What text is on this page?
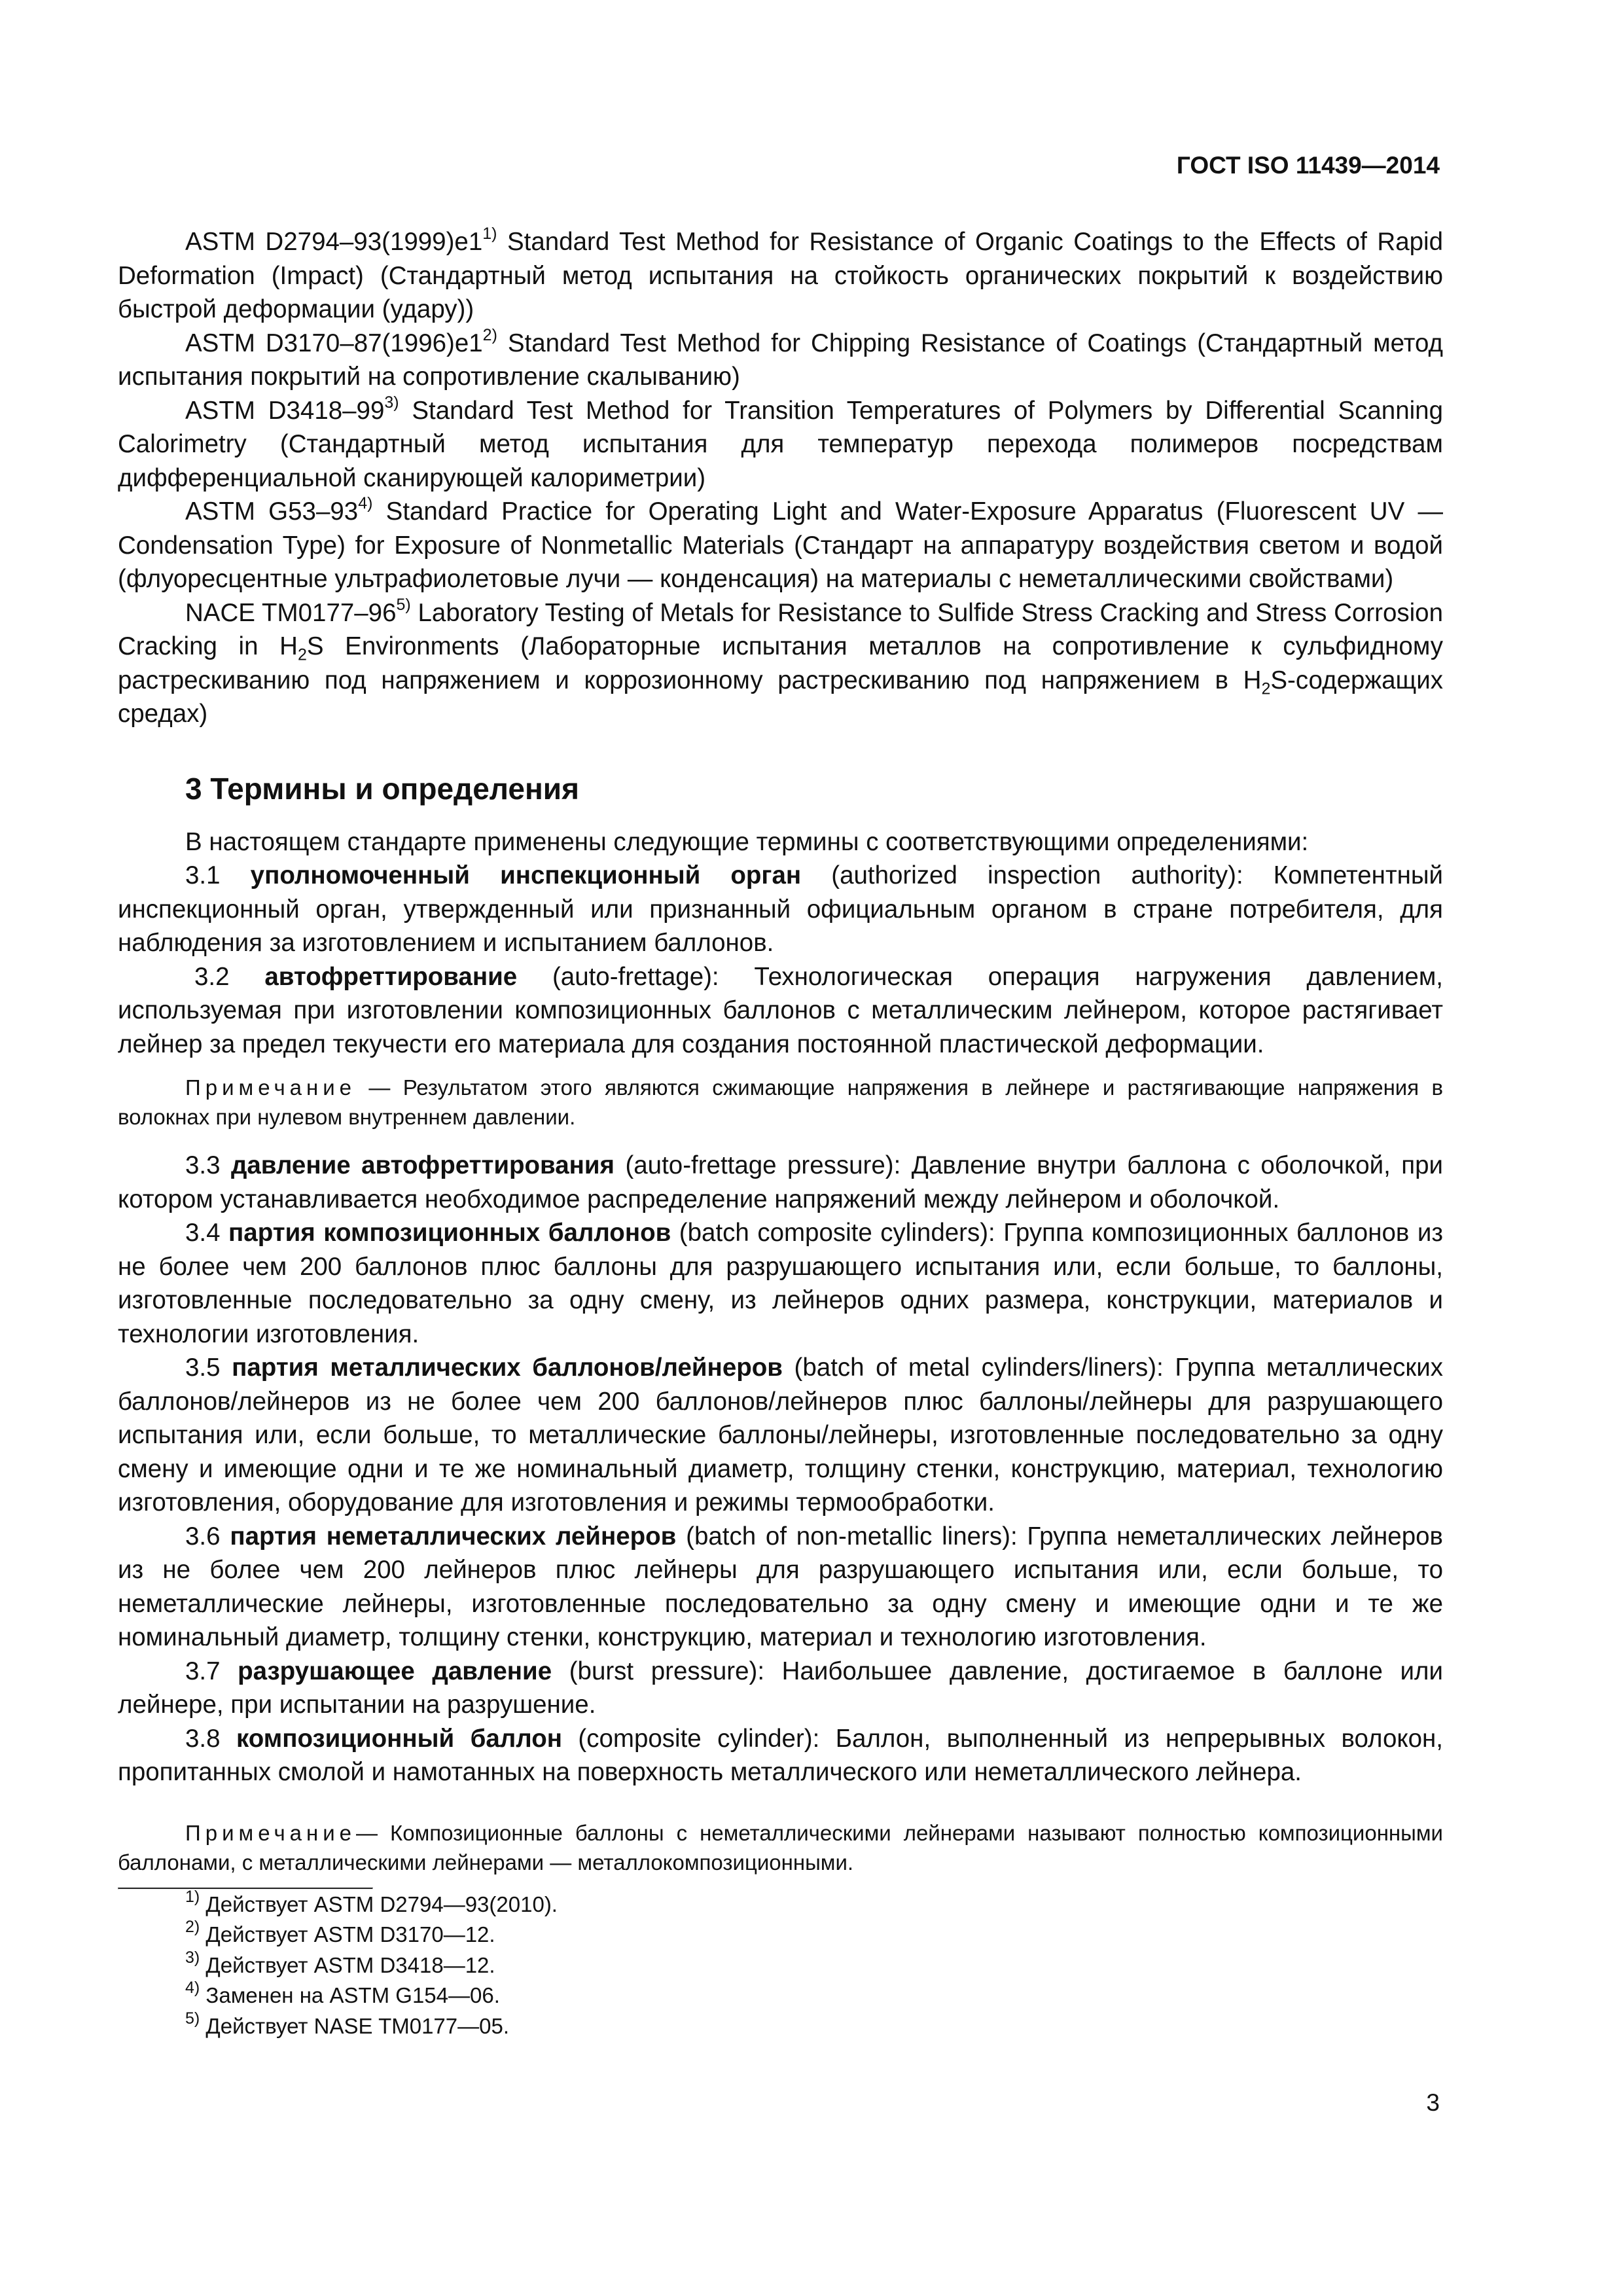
ГОСТ ISO 11439—2014

ASTM D2794–93(1999)e1$^{1)}$ Standard Test Method for Resistance of Organic Coatings to the Effects of Rapid Deformation (Impact) (Стандартный метод испытания на стойкость органических покрытий к воздействию быстрой деформации (удару))

ASTM D3170–87(1996)e1$^{2)}$ Standard Test Method for Chipping Resistance of Coatings (Стандартный метод испытания покрытий на сопротивление скалыванию)

ASTM D3418–99$^{3)}$ Standard Test Method for Transition Temperatures of Polymers by Differential Scanning Calorimetry (Стандартный метод испытания для температур перехода полимеров посредствам дифференциальной сканирующей калориметрии)

ASTM G53–93$^{4)}$ Standard Practice for Operating Light and Water-Exposure Apparatus (Fluorescent UV — Condensation Type) for Exposure of Nonmetallic Materials (Стандарт на аппаратуру воздействия светом и водой (флуоресцентные ультрафиолетовые лучи — конденсация) на материалы с неметаллическими свойствами)

NACE TM0177–96$^{5)}$ Laboratory Testing of Metals for Resistance to Sulfide Stress Cracking and Stress Corrosion Cracking in $H_2S$ Environments (Лабораторные испытания металлов на сопротивление к сульфидному растрескиванию под напряжением и коррозионному растрескиванию под напряжением в $H_2S$-содержащих средах)

3 Термины и определения

В настоящем стандарте применены следующие термины с соответствующими определениями:

3.1 уполномоченный инспекционный орган (authorized inspection authority): Компетентный инспекционный орган, утвержденный или признанный официальным органом в стране потребителя, для наблюдения за изготовлением и испытанием баллонов.

3.2 автофреттирование (auto-frettage): Технологическая операция нагружения давлением, используемая при изготовлении композиционных баллонов с металлическим лейнером, которое растягивает лейнер за предел текучести его материала для создания постоянной пластической деформации.

Примечание — Результатом этого являются сжимающие напряжения в лейнере и растягивающие напряжения в волокнах при нулевом внутреннем давлении.

3.3 давление автофреттирования (auto-frettage pressure): Давление внутри баллона с оболочкой, при котором устанавливается необходимое распределение напряжений между лейнером и оболочкой.

3.4 партия композиционных баллонов (batch composite cylinders): Группа композиционных баллонов из не более чем 200 баллонов плюс баллоны для разрушающего испытания или, если больше, то баллоны, изготовленные последовательно за одну смену, из лейнеров одних размера, конструкции, материалов и технологии изготовления.

3.5 партия металлических баллонов/лейнеров (batch of metal cylinders/liners): Группа металлических баллонов/лейнеров из не более чем 200 баллонов/лейнеров плюс баллоны/лейнеры для разрушающего испытания или, если больше, то металлические баллоны/лейнеры, изготовленные последовательно за одну смену и имеющие одни и те же номинальный диаметр, толщину стенки, конструкцию, материал, технологию изготовления, оборудование для изготовления и режимы термообработки.

3.6 партия неметаллических лейнеров (batch of non-metallic liners): Группа неметаллических лейнеров из не более чем 200 лейнеров плюс лейнеры для разрушающего испытания или, если больше, то неметаллические лейнеры, изготовленные последовательно за одну смену и имеющие одни и те же номинальный диаметр, толщину стенки, конструкцию, материал и технологию изготовления.

3.7 разрушающее давление (burst pressure): Наибольшее давление, достигаемое в баллоне или лейнере, при испытании на разрушение.

3.8 композиционный баллон (composite cylinder): Баллон, выполненный из непрерывных волокон, пропитанных смолой и намотанных на поверхность металлического или неметаллического лейнера.

Примечание— Композиционные баллоны с неметаллическими лейнерами называют полностью композиционными баллонами, с металлическими лейнерами — металлокомпозиционными.

$^{1)}$ Действует ASTM D2794—93(2010).

$^{2)}$ Действует ASTM D3170—12.

$^{3)}$ Действует ASTM D3418—12.

$^{4)}$ Заменен на ASTM G154—06.

$^{5)}$ Действует NASE TM0177—05.

3
